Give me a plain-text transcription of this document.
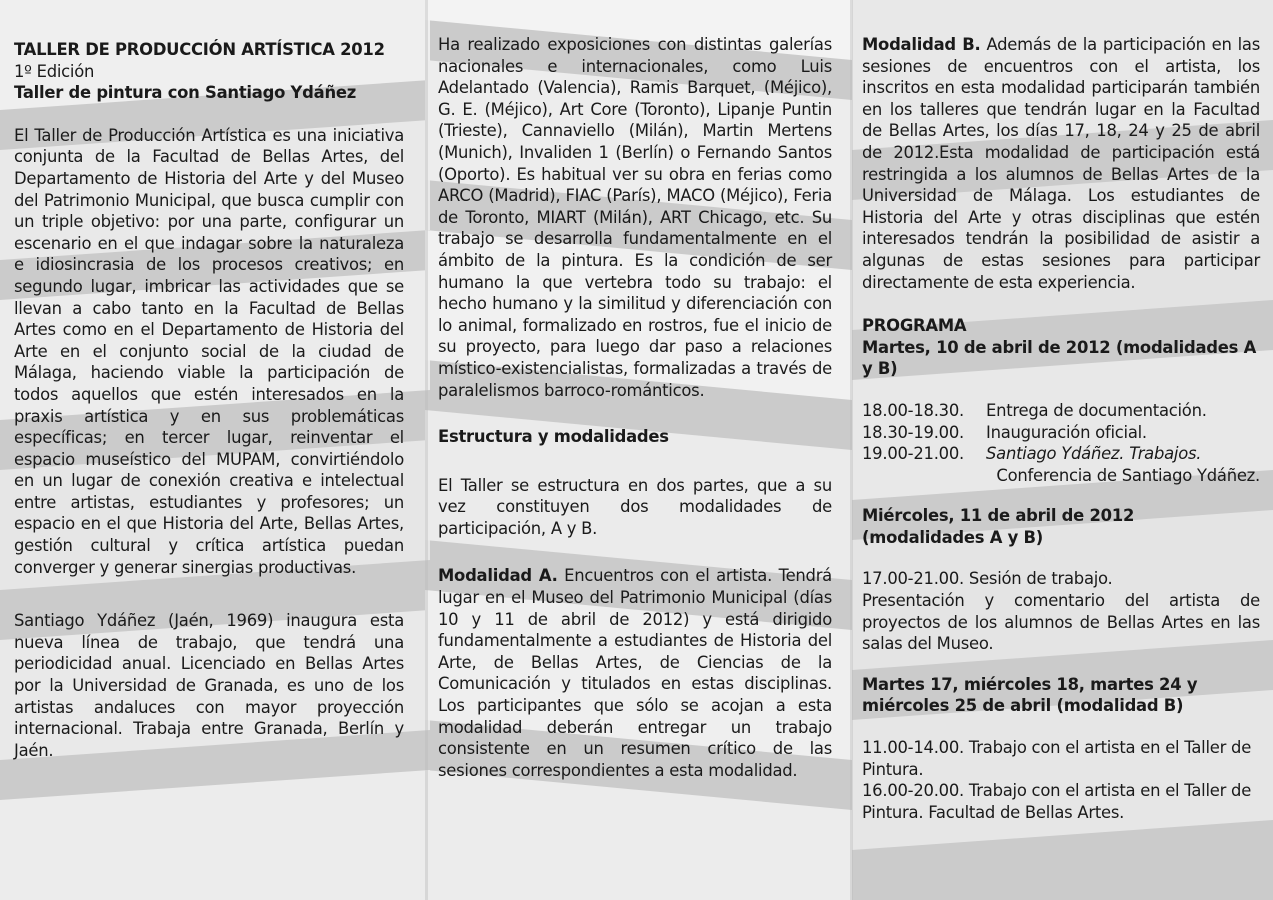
TALLER DE PRODUCCIÓN ARTÍSTICA 2012

1º Edición

Taller de pintura con Santiago Ydáñez

El Taller de Producción Artística es una iniciativa conjunta de la Facultad de Bellas Artes, del Departamento de Historia del Arte y del Museo del Patrimonio Municipal, que busca cumplir con un triple objetivo: por una parte, configurar un escenario en el que indagar sobre la naturaleza e idiosincrasia de los procesos creativos; en segundo lugar, imbricar las actividades que se llevan a cabo tanto en la Facultad de Bellas Artes como en el Departamento de Historia del Arte en el conjunto social de la ciudad de Málaga, haciendo viable la participación de todos aquellos que estén interesados en la praxis artística y en sus problemáticas específicas; en tercer lugar, reinventar el espacio museístico del MUPAM, convirtiéndolo en un lugar de conexión creativa e intelectual entre artistas, estudiantes y profesores; un espacio en el que Historia del Arte, Bellas Artes, gestión cultural y crítica artística puedan converger y generar sinergias productivas.

Santiago Ydáñez (Jaén, 1969) inaugura esta nueva línea de trabajo, que tendrá una periodicidad anual. Licenciado en Bellas Artes por la Universidad de Granada, es uno de los artistas andaluces con mayor proyección internacional. Trabaja entre Granada, Berlín y Jaén.

Ha realizado exposiciones con distintas galerías nacionales e internacionales, como Luis Adelantado (Valencia), Ramis Barquet, (Méjico), G. E. (Méjico), Art Core (Toronto), Lipanje Puntin (Trieste), Cannaviello (Milán), Martin Mertens (Munich), Invaliden 1 (Berlín) o Fernando Santos (Oporto). Es habitual ver su obra en ferias como ARCO (Madrid), FIAC (París), MACO (Méjico), Feria de Toronto, MIART (Milán), ART Chicago, etc. Su trabajo se desarrolla fundamentalmente en el ámbito de la pintura. Es la condición de ser humano la que vertebra todo su trabajo: el hecho humano y la similitud y diferenciación con lo animal, formalizado en rostros, fue el inicio de su proyecto, para luego dar paso a relaciones místico-existencialistas, formalizadas a través de paralelismos barroco-románticos.

Estructura y modalidades

El Taller se estructura en dos partes, que a su vez constituyen dos modalidades de participación, A y B.

Modalidad A. Encuentros con el artista. Tendrá lugar en el Museo del Patrimonio Municipal (días 10 y 11 de abril de 2012) y está dirigido fundamentalmente a estudiantes de Historia del Arte, de Bellas Artes, de Ciencias de la Comunicación y titulados en estas disciplinas. Los participantes que sólo se acojan a esta modalidad deberán entregar un trabajo consistente en un resumen crítico de las sesiones correspondientes a esta modalidad.

Modalidad B. Además de la participación en las sesiones de encuentros con el artista, los inscritos en esta modalidad participarán también en los talleres que tendrán lugar en la Facultad de Bellas Artes, los días 17, 18, 24 y 25 de abril de 2012.Esta modalidad de participación está restringida a los alumnos de Bellas Artes de la Universidad de Málaga. Los estudiantes de Historia del Arte y otras disciplinas que estén interesados tendrán la posibilidad de asistir a algunas de estas sesiones para participar directamente de esta experiencia.

PROGRAMA

Martes, 10 de abril de 2012 (modalidades A y B)

18.00-18.30.	Entrega de documentación.
18.30-19.00.	Inauguración oficial.
19.00-21.00.	Santiago Ydáñez. Trabajos.

Conferencia de Santiago Ydáñez.

Miércoles, 11 de abril de 2012 (modalidades A y B)

17.00-21.00. Sesión de trabajo.

Presentación y comentario del artista de proyectos de los alumnos de Bellas Artes en las salas del Museo.

Martes 17, miércoles 18, martes 24 y miércoles 25 de abril (modalidad B)

11.00-14.00. Trabajo con el artista en el Taller de Pintura.

16.00-20.00. Trabajo con el artista en el Taller de Pintura. Facultad de Bellas Artes.
